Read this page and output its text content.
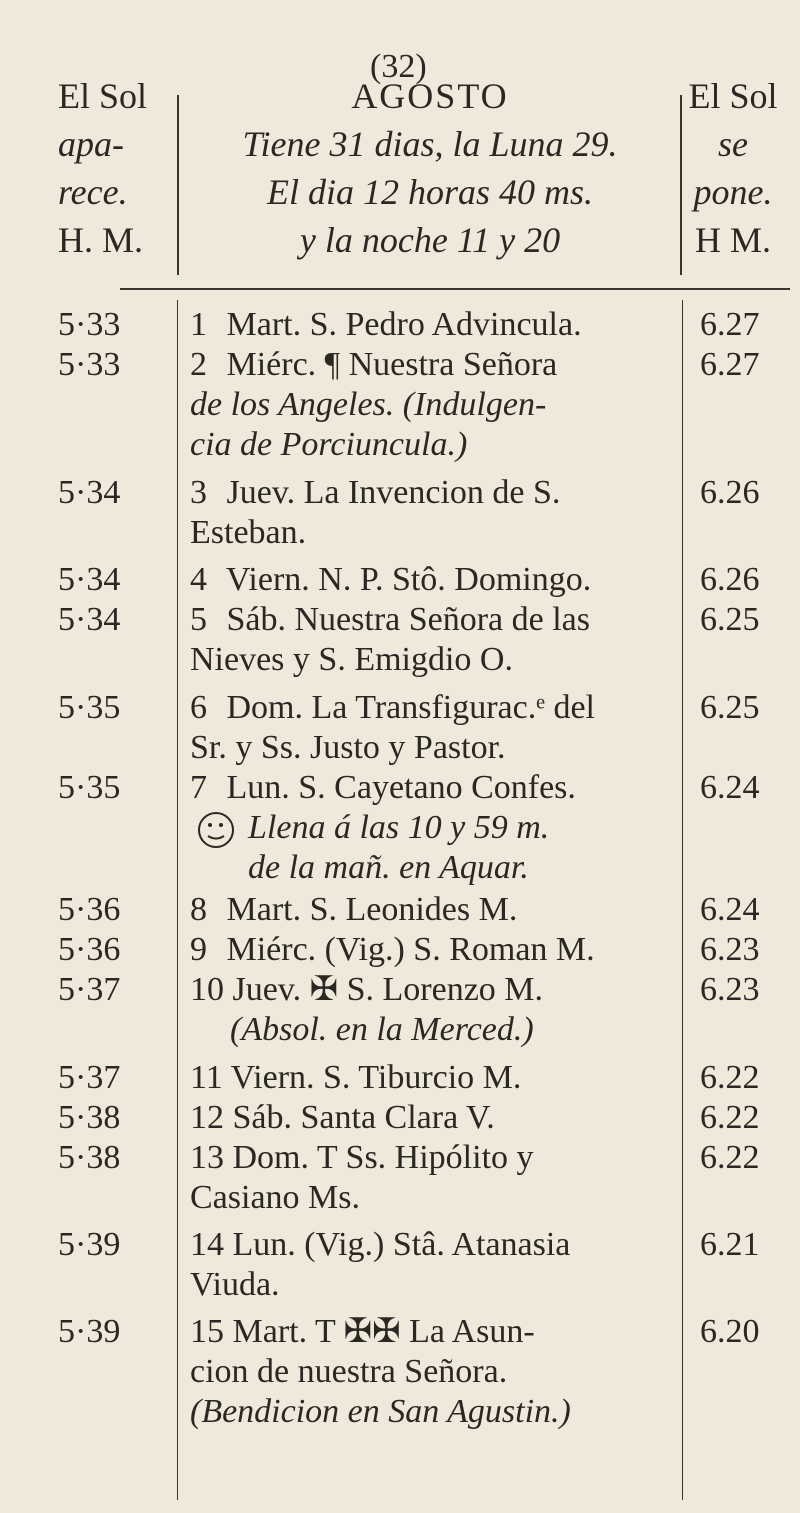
(32)
El Sol
apa-
rece.
H. M.
AGOSTO
Tiene 31 dias, la Luna 29.
El dia 12 horas 40 ms.
y la noche 11 y 20
El Sol
se
pone.
H M.
5·33	1 Mart. S. Pedro Advincula.	6.27
5·33	2 Miérc. ¶ Nuestra Señora	6.27
de los Angeles. (Indulgen-
cia de Porciuncula.)
5·34	3 Juev. La Invencion de S.	6.26
Esteban.
5·34	4 Viern. N. P. Stô. Domingo.	6.26
5·34	5 Sáb. Nuestra Señora de las	6.25
Nieves y S. Emigdio O.
5·35	6 Dom. La Transfigurac.ᵉ del	6.25
Sr. y Ss. Justo y Pastor.
5·35	7 Lun. S. Cayetano Confes.	6.24
Llena á las 10 y 59 m.
de la mañ. en Aquar.
5·36	8 Mart. S. Leonides M.	6.24
5·36	9 Miérc. (Vig.) S. Roman M.	6.23
5·37	10 Juev. ✠ S. Lorenzo M.	6.23
(Absol. en la Merced.)
5·37	11 Viern. S. Tiburcio M.	6.22
5·38	12 Sáb. Santa Clara V.	6.22
5·38	13 Dom. T Ss. Hipólito y	6.22
Casiano Ms.
5·39	14 Lun. (Vig.) Stâ. Atanasia	6.21
Viuda.
5·39	15 Mart. T ✠✠ La Asun-	6.20
cion de nuestra Señora.
(Bendicion en San Agustin.)
